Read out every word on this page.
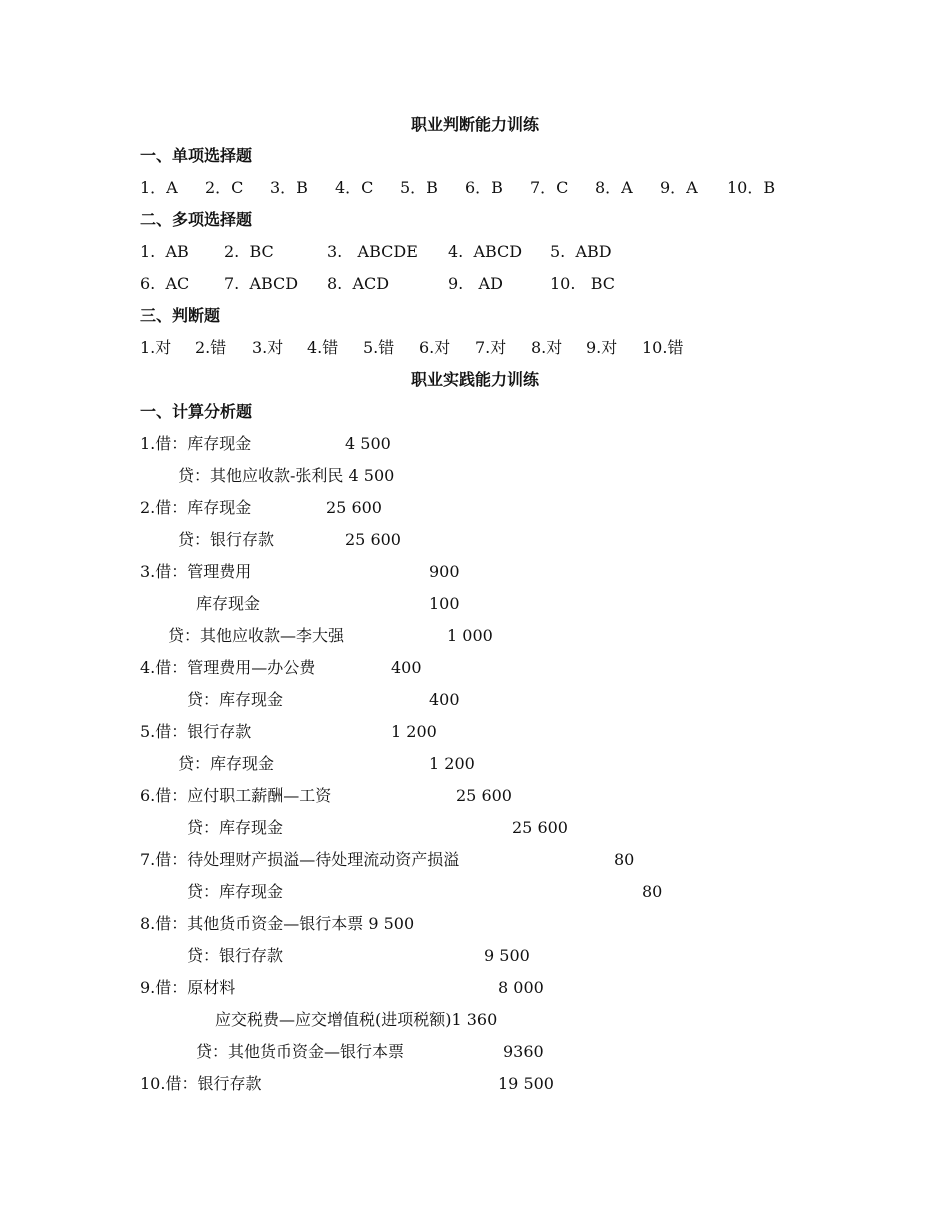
职业判断能力训练
一、单项选择题

1．A

2．C

3．B

4．C

5．B

6．B

7．C

8．A

9．A

10．B

二、多项选择题

1.  AB

2.  BC

	3.   ABCDE

4.  ABCD

5.  ABD

6.  AC

7.  ABCD

8.  ACD

	9.   AD

	10.   BC

三、判断题

1.对

2.错

3.对

4.错

5.错

6.对

7.对

8.对

9.对

10.错

职业实践能力训练
一、计算分析题

1.借：库存现金

	4 500

贷：其他应收款-张利民 4 500

2.借：库存现金

	25 600

贷：银行存款

	25 600

3.借：管理费用

	900

库存现金

	100

贷：其他应收款—李大强

	1 000

4.借：管理费用—办公费

	400

贷：库存现金

	400

5.借：银行存款

	1 200

贷：库存现金

	1 200

6.借：应付职工薪酬—工资

	25 600

贷：库存现金

	25 600

7.借：待处理财产损溢—待处理流动资产损溢

	80

贷：库存现金

	80

8.借：其他货币资金—银行本票 9 500

贷：银行存款

	9 500

9.借：原材料

	8 000

应交税费—应交增值税(进项税额)1 360

贷：其他货币资金—银行本票

	9360

10.借：银行存款

	19 500
